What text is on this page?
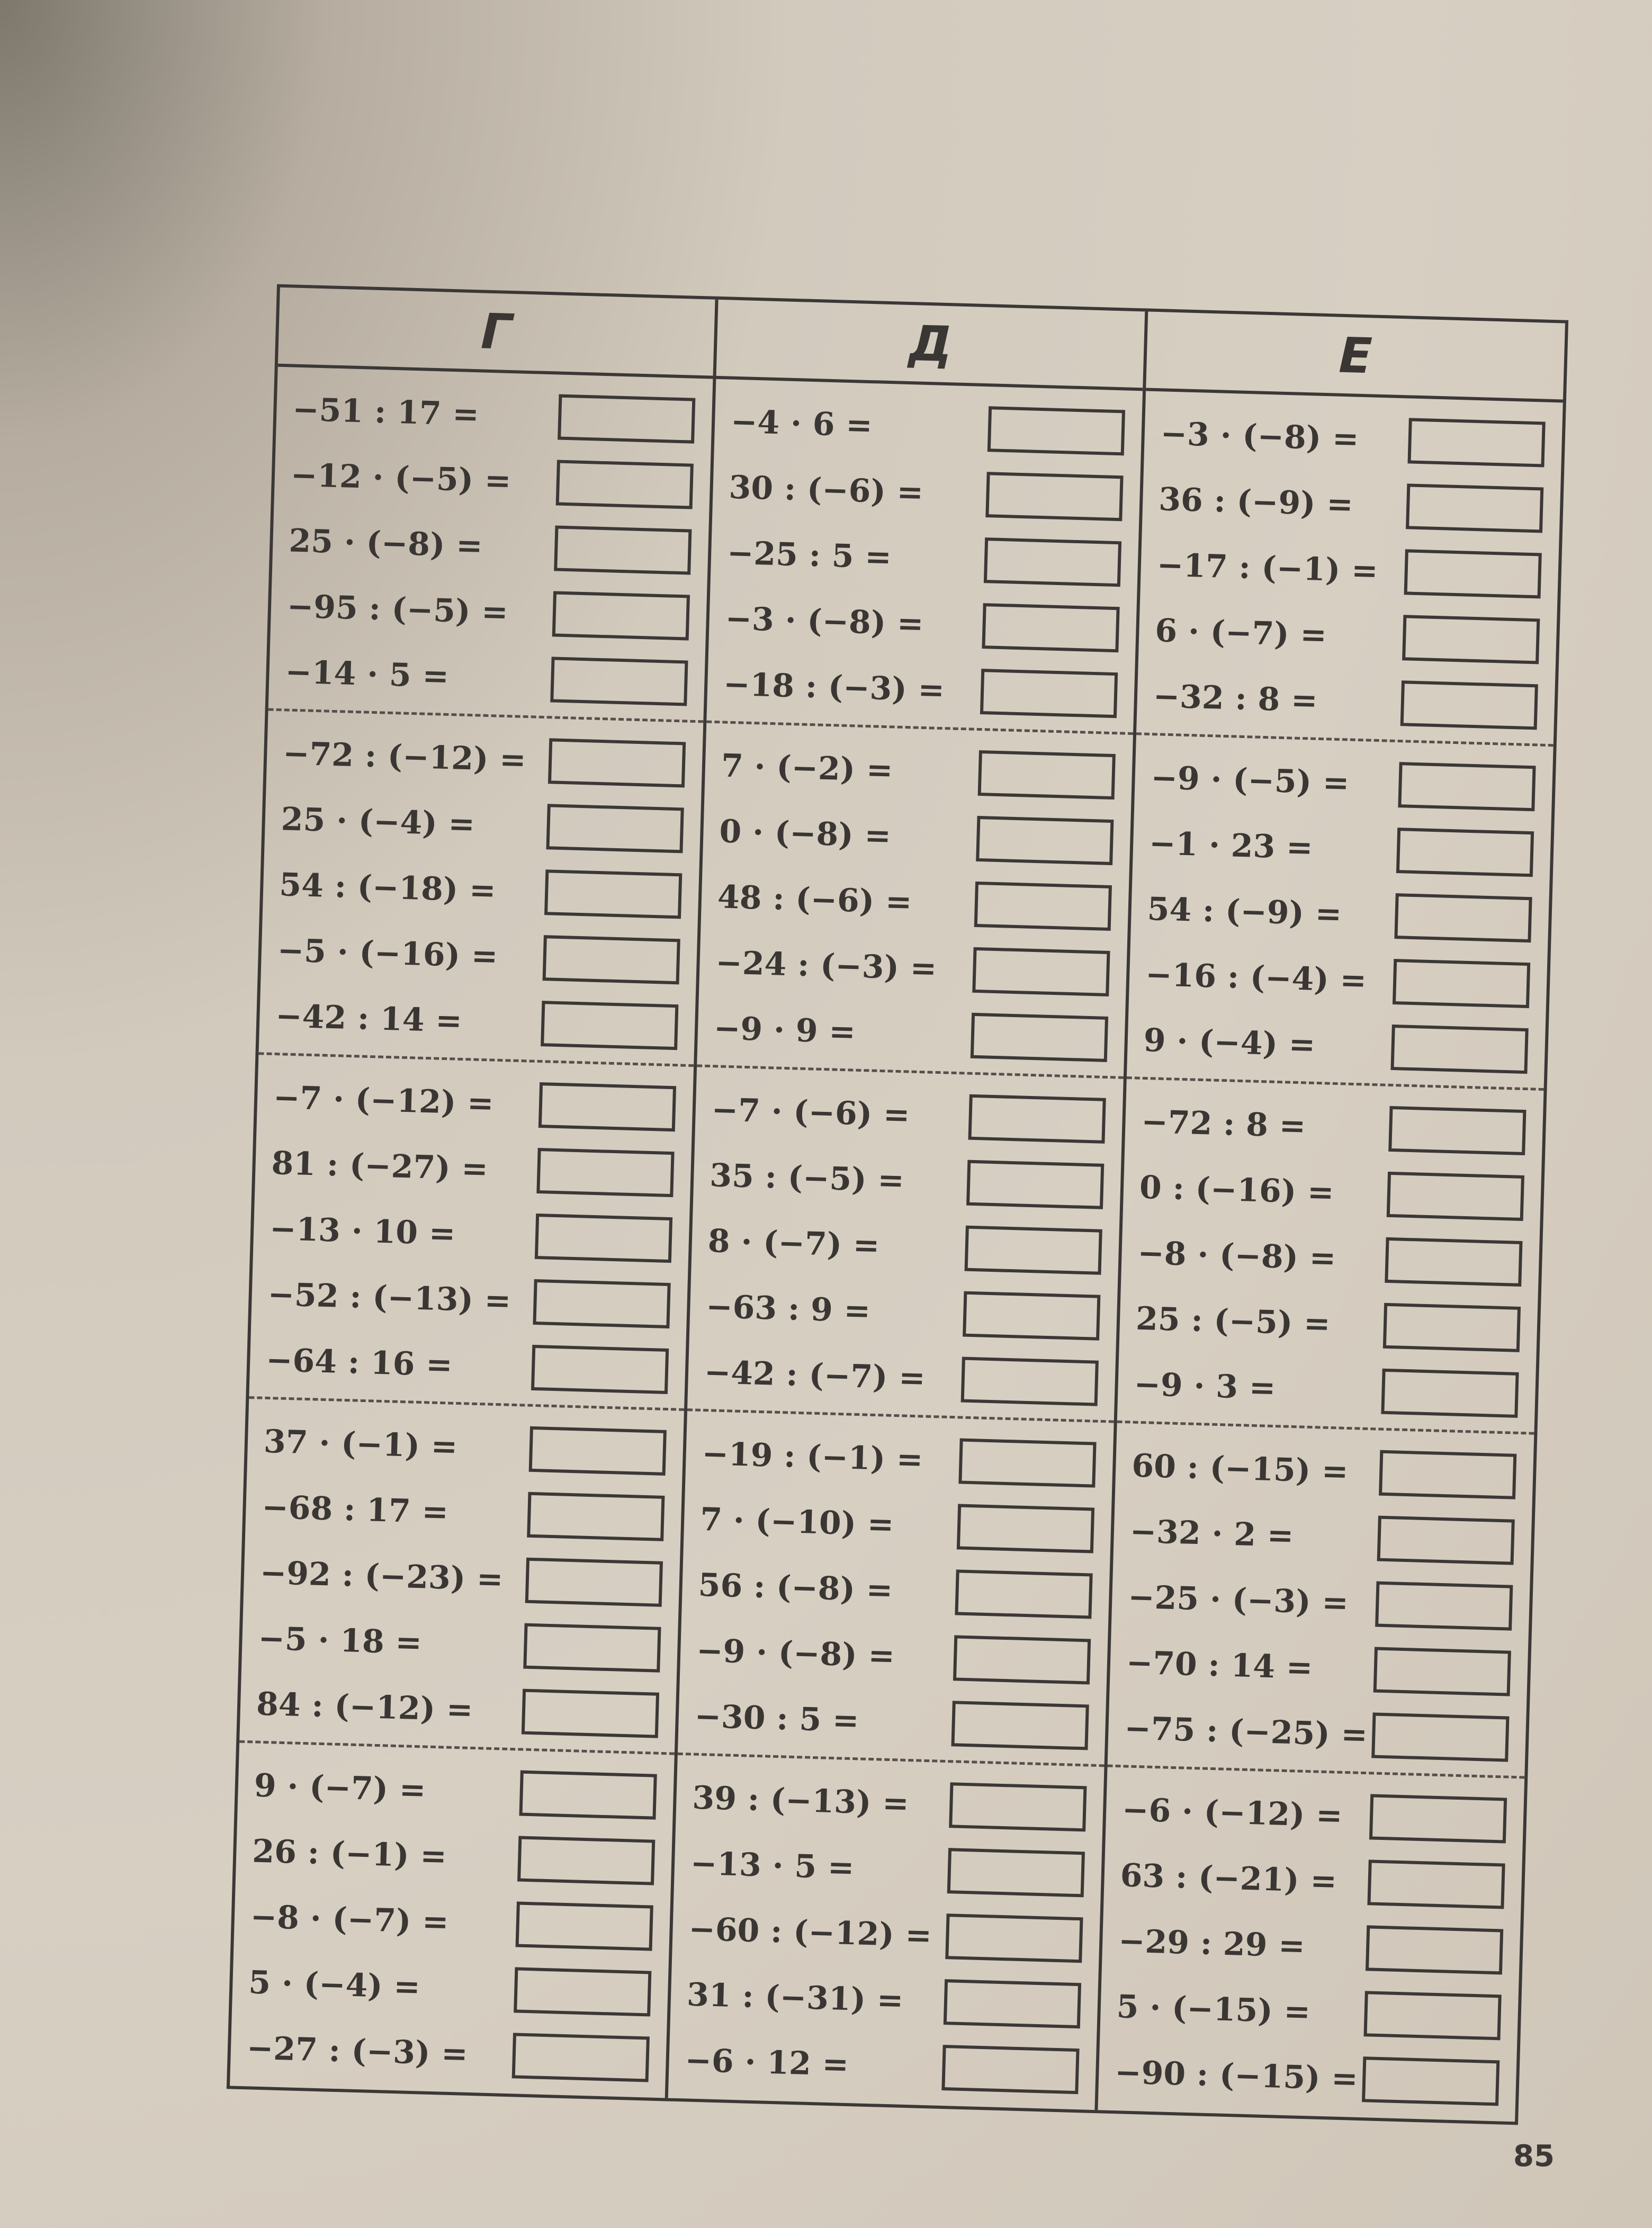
Г
−51 : 17 =
−12 · (−5) =
25 · (−8) =
−95 : (−5) =
−14 · 5 =
−72 : (−12) =
25 · (−4) =
54 : (−18) =
−5 · (−16) =
−42 : 14 =
−7 · (−12) =
81 : (−27) =
−13 · 10 =
−52 : (−13) =
−64 : 16 =
37 · (−1) =
−68 : 17 =
−92 : (−23) =
−5 · 18 =
84 : (−12) =
9 · (−7) =
26 : (−1) =
−8 · (−7) =
5 · (−4) =
−27 : (−3) =
Д
−4 · 6 =
30 : (−6) =
−25 : 5 =
−3 · (−8) =
−18 : (−3) =
7 · (−2) =
0 · (−8) =
48 : (−6) =
−24 : (−3) =
−9 · 9 =
−7 · (−6) =
35 : (−5) =
8 · (−7) =
−63 : 9 =
−42 : (−7) =
−19 : (−1) =
7 · (−10) =
56 : (−8) =
−9 · (−8) =
−30 : 5 =
39 : (−13) =
−13 · 5 =
−60 : (−12) =
31 : (−31) =
−6 · 12 =
Е
−3 · (−8) =
36 : (−9) =
−17 : (−1) =
6 · (−7) =
−32 : 8 =
−9 · (−5) =
−1 · 23 =
54 : (−9) =
−16 : (−4) =
9 · (−4) =
−72 : 8 =
0 : (−16) =
−8 · (−8) =
25 : (−5) =
−9 · 3 =
60 : (−15) =
−32 · 2 =
−25 · (−3) =
−70 : 14 =
−75 : (−25) =
−6 · (−12) =
63 : (−21) =
−29 : 29 =
5 · (−15) =
−90 : (−15) =
85
